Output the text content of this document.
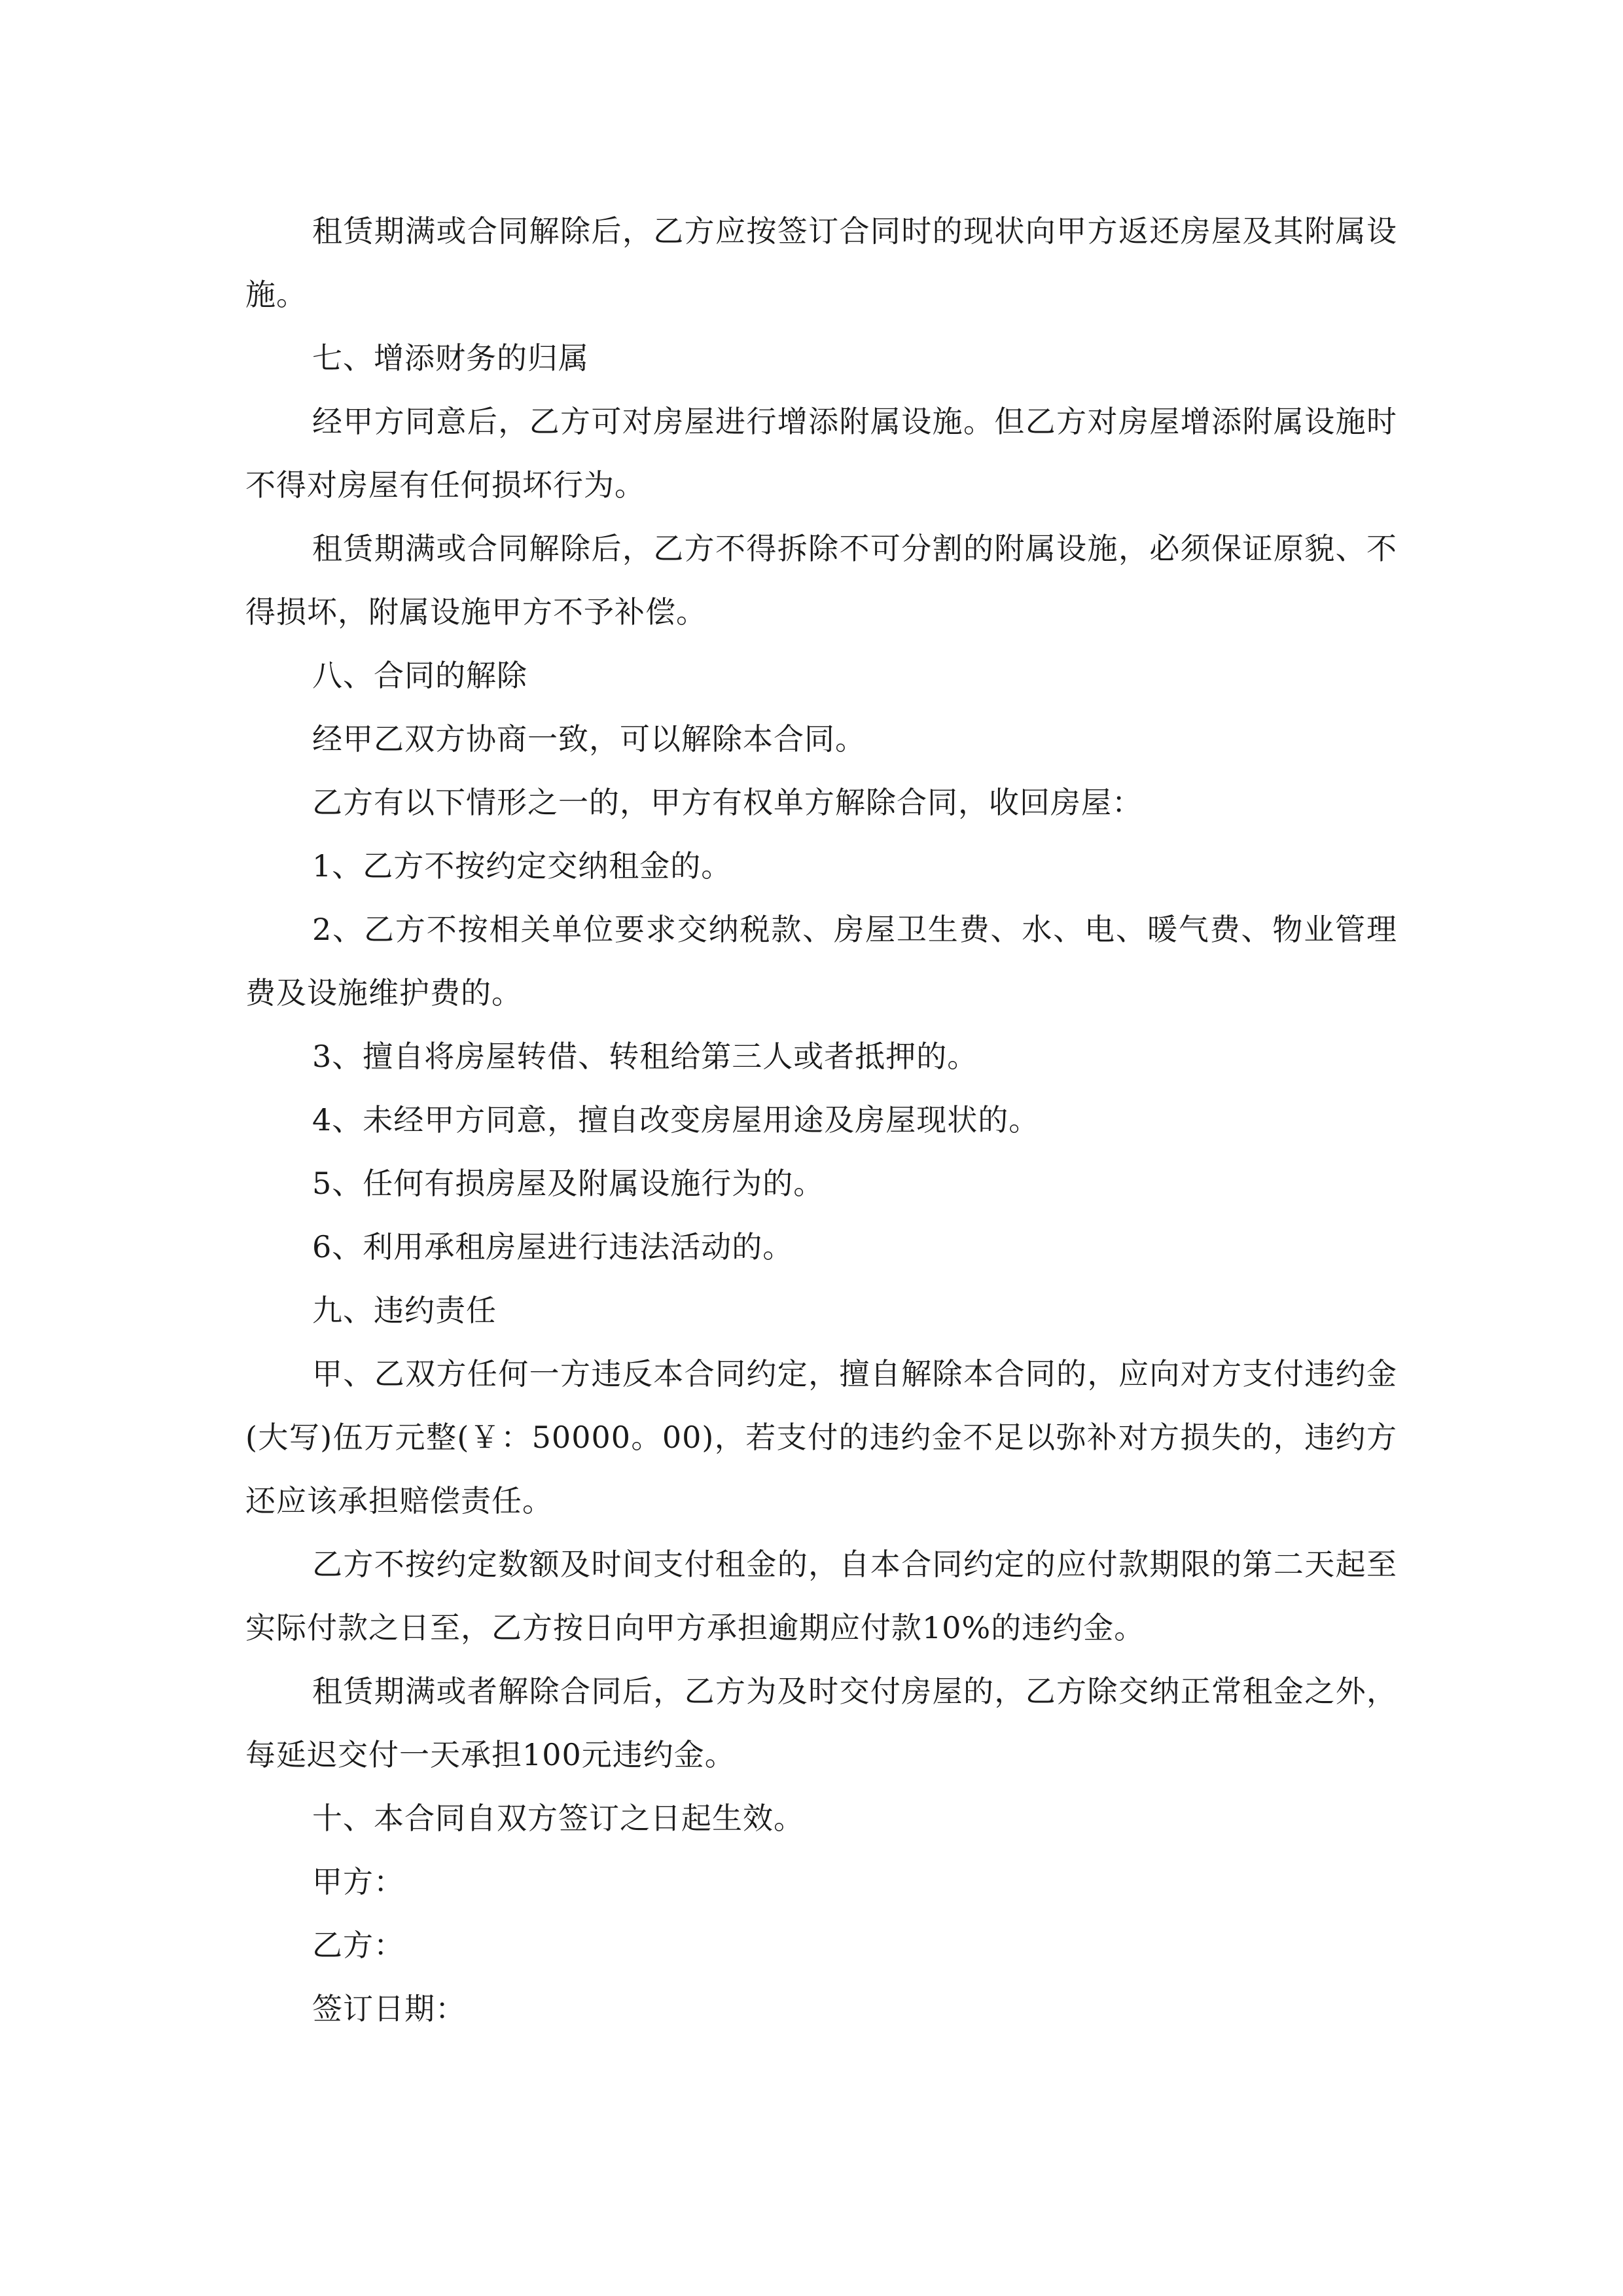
租赁期满或合同解除后，乙方应按签订合同时的现状向甲方返还房屋及其附属设施。

七、增添财务的归属

经甲方同意后，乙方可对房屋进行增添附属设施。但乙方对房屋增添附属设施时不得对房屋有任何损坏行为。

租赁期满或合同解除后，乙方不得拆除不可分割的附属设施，必须保证原貌、不得损坏，附属设施甲方不予补偿。

八、合同的解除

经甲乙双方协商一致，可以解除本合同。

乙方有以下情形之一的，甲方有权单方解除合同，收回房屋：

1、乙方不按约定交纳租金的。

2、乙方不按相关单位要求交纳税款、房屋卫生费、水、电、暖气费、物业管理费及设施维护费的。

3、擅自将房屋转借、转租给第三人或者抵押的。

4、未经甲方同意，擅自改变房屋用途及房屋现状的。

5、任何有损房屋及附属设施行为的。

6、利用承租房屋进行违法活动的。

九、违约责任

甲、乙双方任何一方违反本合同约定，擅自解除本合同的，应向对方支付违约金(大写)伍万元整(￥：50000。00)，若支付的违约金不足以弥补对方损失的，违约方还应该承担赔偿责任。

乙方不按约定数额及时间支付租金的，自本合同约定的应付款期限的第二天起至实际付款之日至，乙方按日向甲方承担逾期应付款10%的违约金。

租赁期满或者解除合同后，乙方为及时交付房屋的，乙方除交纳正常租金之外，每延迟交付一天承担100元违约金。

十、本合同自双方签订之日起生效。

甲方：

乙方：

签订日期：
